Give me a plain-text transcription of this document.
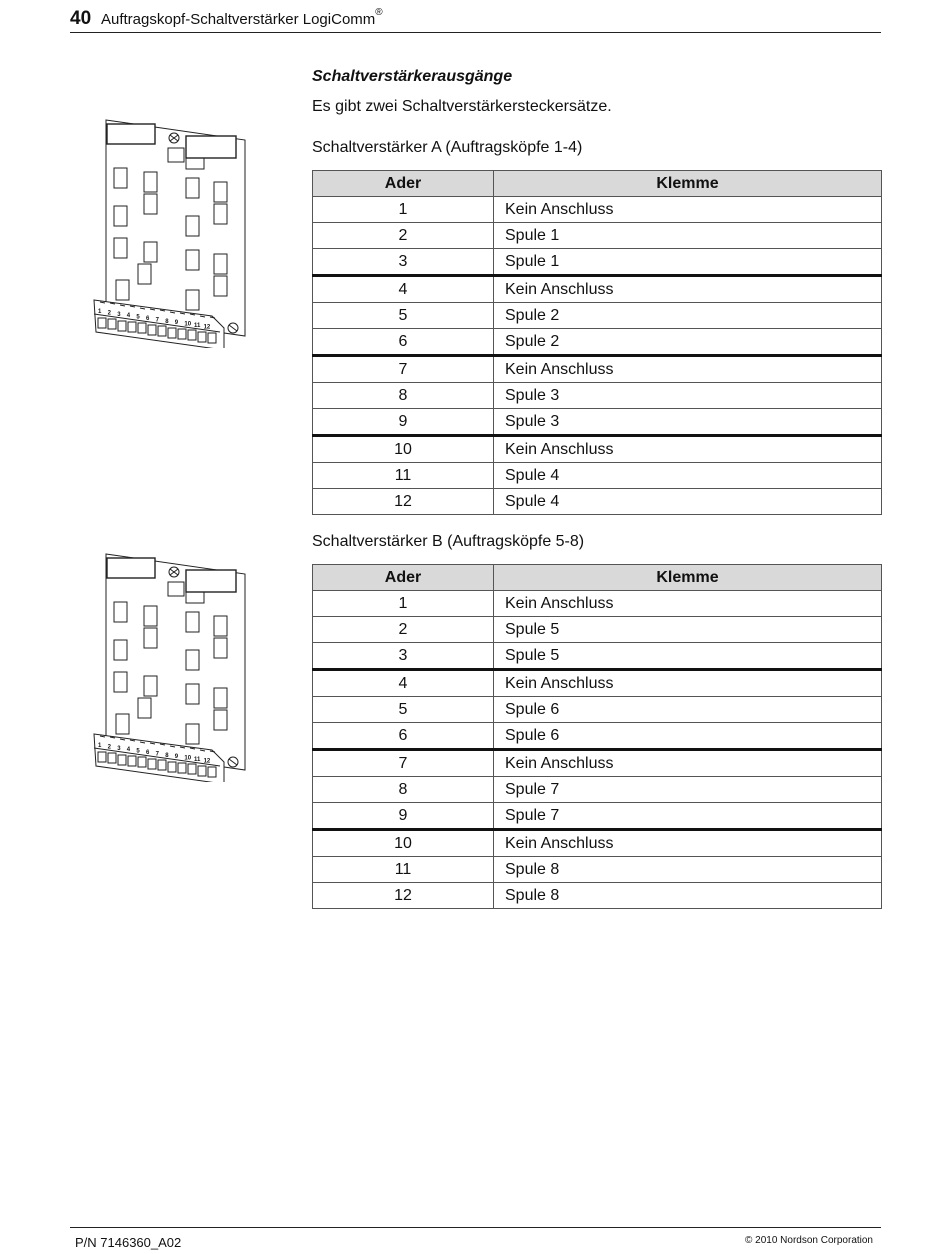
40 Auftragskopf-Schaltverstärker LogiComm®
Schaltverstärkerausgänge
Es gibt zwei Schaltverstärkersteckersätze.
1 2 3 4 5 6 7 8 9 10 11 12
1 2 3 4 5 6 7 8 9 10 11 12
Schaltverstärker A (Auftragsköpfe 1-4)
Ader	Klemme
1	Kein Anschluss
2	Spule 1
3	Spule 1
4	Kein Anschluss
5	Spule 2
6	Spule 2
7	Kein Anschluss
8	Spule 3
9	Spule 3
10	Kein Anschluss
11	Spule 4
12	Spule 4
Schaltverstärker B (Auftragsköpfe 5-8)
Ader	Klemme
1	Kein Anschluss
2	Spule 5
3	Spule 5
4	Kein Anschluss
5	Spule 6
6	Spule 6
7	Kein Anschluss
8	Spule 7
9	Spule 7
10	Kein Anschluss
11	Spule 8
12	Spule 8
P/N 7146360_A02	© 2010 Nordson Corporation
